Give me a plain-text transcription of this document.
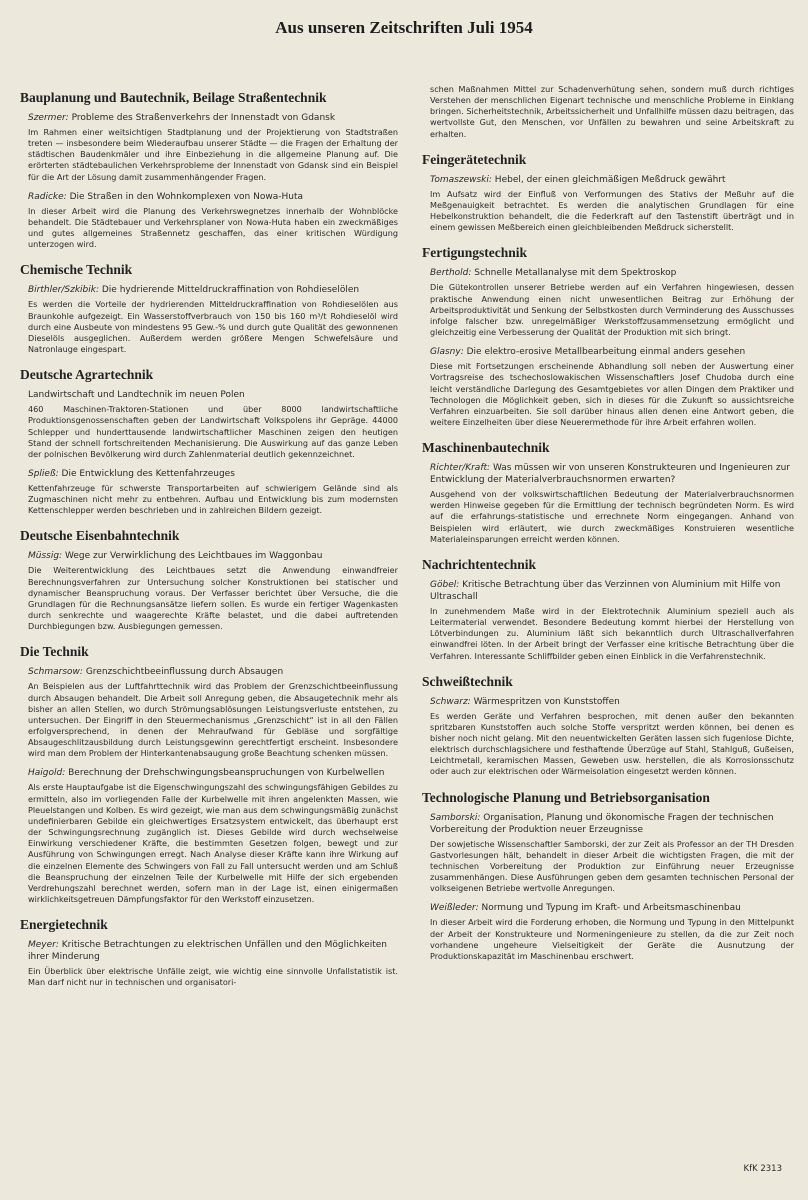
Aus unseren Zeitschriften Juli 1954
Bauplanung und Bautechnik, Beilage Straßentechnik
Szermer: Probleme des Straßenverkehrs der Innenstadt von Gdansk
Im Rahmen einer weitsichtigen Stadtplanung und der Projektierung von Stadtstraßen treten — insbesondere beim Wiederaufbau unserer Städte — die Fragen der Erhaltung der städtischen Baudenkmäler und ihre Einbeziehung in die allgemeine Planung auf. Die erörterten städtebaulichen Verkehrsprobleme der Innenstadt von Gdansk sind ein Beispiel für die Art der Lösung damit zusammenhängender Fragen.
Radicke: Die Straßen in den Wohnkomplexen von Nowa-Huta
In dieser Arbeit wird die Planung des Verkehrswegnetzes innerhalb der Wohnblöcke behandelt. Die Städtebauer und Verkehrsplaner von Nowa-Huta haben ein zweckmäßiges und gutes allgemeines Straßennetz geschaffen, das einer kritischen Würdigung unterzogen wird.
Chemische Technik
Birthler/Szkibik: Die hydrierende Mitteldruckraffination von Rohdieselölen
Es werden die Vorteile der hydrierenden Mitteldruckraffination von Rohdieselölen aus Braunkohle aufgezeigt. Ein Wasserstoffverbrauch von 150 bis 160 m³/t Rohdieselöl wird durch eine Ausbeute von mindestens 95 Gew.-% und durch gute Qualität des gewonnenen Dieselöls ausgeglichen. Außerdem werden größere Mengen Schwefelsäure und Natronlauge eingespart.
Deutsche Agrartechnik
Landwirtschaft und Landtechnik im neuen Polen
460 Maschinen-Traktoren-Stationen und über 8000 landwirtschaftliche Produktionsgenossenschaften geben der Landwirtschaft Volkspolens ihr Gepräge. 44000 Schlepper und hunderttausende landwirtschaftlicher Maschinen zeigen den heutigen Stand der schnell fortschreitenden Mechanisierung. Die Auswirkung auf das ganze Leben der polnischen Bevölkerung wird durch Zahlenmaterial deutlich gekennzeichnet.
Spließ: Die Entwicklung des Kettenfahrzeuges
Kettenfahrzeuge für schwerste Transportarbeiten auf schwierigem Gelände sind als Zugmaschinen nicht mehr zu entbehren. Aufbau und Entwicklung bis zum modernsten Kettenschlepper werden beschrieben und in zahlreichen Bildern gezeigt.
Deutsche Eisenbahntechnik
Müssig: Wege zur Verwirklichung des Leichtbaues im Waggonbau
Die Weiterentwicklung des Leichtbaues setzt die Anwendung einwandfreier Berechnungsverfahren zur Untersuchung solcher Konstruktionen bei statischer und dynamischer Beanspruchung voraus. Der Verfasser berichtet über Versuche, die die Grundlagen für die Rechnungsansätze liefern sollen. Es wurde ein fertiger Wagenkasten durch senkrechte und waagerechte Kräfte belastet, und die dabei auftretenden Durchbiegungen bzw. Ausbiegungen gemessen.
Die Technik
Schmarsow: Grenzschichtbeeinflussung durch Absaugen
An Beispielen aus der Luftfahrttechnik wird das Problem der Grenzschichtbeeinflussung durch Absaugen behandelt. Die Arbeit soll Anregung geben, die Absaugetechnik mehr als bisher an allen Stellen, wo durch Strömungsablösungen Leistungsverluste entstehen, zu untersuchen. Der Eingriff in den Steuermechanismus „Grenzschicht“ ist in all den Fällen erfolgversprechend, in denen der Mehraufwand für Gebläse und sorgfältige Absaugeschlitzausbildung durch Leistungsgewinn gerechtfertigt erscheint. Insbesondere wird man dem Problem der Hinterkantenabsaugung große Beachtung schenken müssen.
Haigold: Berechnung der Drehschwingungsbeanspruchungen von Kurbelwellen
Als erste Hauptaufgabe ist die Eigenschwingungszahl des schwingungsfähigen Gebildes zu ermitteln, also im vorliegenden Falle der Kurbelwelle mit ihren angelenkten Massen, wie Pleuelstangen und Kolben. Es wird gezeigt, wie man aus dem schwingungsmäßig zunächst undefinierbaren Gebilde ein gleichwertiges Ersatzsystem entwickelt, das überhaupt erst der Schwingungsrechnung zugänglich ist. Dieses Gebilde wird durch wechselweise Einwirkung verschiedener Kräfte, die bestimmten Gesetzen folgen, bewegt und zur Ausführung von Schwingungen erregt. Nach Analyse dieser Kräfte kann ihre Wirkung auf die einzelnen Elemente des Schwingers von Fall zu Fall untersucht werden und am Schluß die Beanspruchung der einzelnen Teile der Kurbelwelle mit Hilfe der sich ergebenden Verdrehungszahl berechnet werden, sofern man in der Lage ist, einen einigermaßen wirklichkeitsgetreuen Dämpfungsfaktor für den Werkstoff einzusetzen.
Energietechnik
Meyer: Kritische Betrachtungen zu elektrischen Unfällen und den Möglichkeiten ihrer Minderung
Ein Überblick über elektrische Unfälle zeigt, wie wichtig eine sinnvolle Unfallstatistik ist. Man darf nicht nur in technischen und organisatori-
schen Maßnahmen Mittel zur Schadenverhütung sehen, sondern muß durch richtiges Verstehen der menschlichen Eigenart technische und menschliche Probleme in Einklang bringen. Sicherheitstechnik, Arbeitssicherheit und Unfallhilfe müssen dazu beitragen, das wertvollste Gut, den Menschen, vor Unfällen zu bewahren und seine Arbeitskraft zu erhalten.
Feingerätetechnik
Tomaszewski: Hebel, der einen gleichmäßigen Meßdruck gewährt
Im Aufsatz wird der Einfluß von Verformungen des Stativs der Meßuhr auf die Meßgenauigkeit betrachtet. Es werden die analytischen Grundlagen für eine Hebelkonstruktion behandelt, die die Federkraft auf den Tastenstift überträgt und in einem gewissen Meßbereich einen gleichbleibenden Meßdruck sicherstellt.
Fertigungstechnik
Berthold: Schnelle Metallanalyse mit dem Spektroskop
Die Gütekontrollen unserer Betriebe werden auf ein Verfahren hingewiesen, dessen praktische Anwendung einen nicht unwesentlichen Beitrag zur Erhöhung der Arbeitsproduktivität und Senkung der Selbstkosten durch Verminderung des Ausschusses infolge falscher bzw. unregelmäßiger Werkstoffzusammensetzung ermöglicht und gleichzeitig eine Verbesserung der Qualität der Produktion mit sich bringt.
Glasny: Die elektro-erosive Metallbearbeitung einmal anders gesehen
Diese mit Fortsetzungen erscheinende Abhandlung soll neben der Auswertung einer Vortragsreise des tschechoslowakischen Wissenschaftlers Josef Chudoba durch eine leicht verständliche Darlegung des Gesamtgebietes vor allen Dingen dem Praktiker und Technologen die Möglichkeit geben, sich in dieses für die Zukunft so aussichtsreiche Verfahren einzuarbeiten. Sie soll darüber hinaus allen denen eine Antwort geben, die weitere Einzelheiten über diese Neuerermethode für ihre Arbeit erfahren wollen.
Maschinenbautechnik
Richter/Kraft: Was müssen wir von unseren Konstrukteuren und Ingenieuren zur Entwicklung der Materialverbrauchsnormen erwarten?
Ausgehend von der volkswirtschaftlichen Bedeutung der Materialverbrauchsnormen werden Hinweise gegeben für die Ermittlung der technisch begründeten Norm. Es wird auf die erfahrungs-statistische und errechnete Norm eingegangen. Anhand von Beispielen wird erläutert, wie durch zweckmäßiges Konstruieren wesentliche Materialeinsparungen erreicht werden können.
Nachrichtentechnik
Göbel: Kritische Betrachtung über das Verzinnen von Aluminium mit Hilfe von Ultraschall
In zunehmendem Maße wird in der Elektrotechnik Aluminium speziell auch als Leitermaterial verwendet. Besondere Bedeutung kommt hierbei der Herstellung von Lötverbindungen zu. Aluminium läßt sich bekanntlich durch Ultraschallverfahren einwandfrei löten. In der Arbeit bringt der Verfasser eine kritische Betrachtung über die Verfahren. Interessante Schliffbilder geben einen Einblick in die Verfahrenstechnik.
Schweißtechnik
Schwarz: Wärmespritzen von Kunststoffen
Es werden Geräte und Verfahren besprochen, mit denen außer den bekannten spritzbaren Kunststoffen auch solche Stoffe verspritzt werden können, bei denen es bisher noch nicht gelang. Mit den neuentwickelten Geräten lassen sich fugenlose Dichte, elektrisch durchschlagsichere und festhaftende Überzüge auf Stahl, Stahlguß, Gußeisen, Leichtmetall, keramischen Massen, Geweben usw. herstellen, die als Korrosionsschutz oder auch zur elektrischen oder Wärmeisolation eingesetzt werden können.
Technologische Planung und Betriebsorganisation
Samborski: Organisation, Planung und ökonomische Fragen der technischen Vorbereitung der Produktion neuer Erzeugnisse
Der sowjetische Wissenschaftler Samborski, der zur Zeit als Professor an der TH Dresden Gastvorlesungen hält, behandelt in dieser Arbeit die wichtigsten Fragen, die mit der technischen Vorbereitung der Produktion zur Einführung neuer Erzeugnisse zusammenhängen. Diese Ausführungen geben dem gesamten technischen Personal der volkseigenen Betriebe wertvolle Anregungen.
Weißleder: Normung und Typung im Kraft- und Arbeitsmaschinenbau
In dieser Arbeit wird die Forderung erhoben, die Normung und Typung in den Mittelpunkt der Arbeit der Konstrukteure und Normeningenieure zu stellen, da die zur Zeit noch vorhandene ungeheure Vielseitigkeit der Geräte die Ausnutzung der Produktionskapazität im Maschinenbau erschwert.
KfK 2313
